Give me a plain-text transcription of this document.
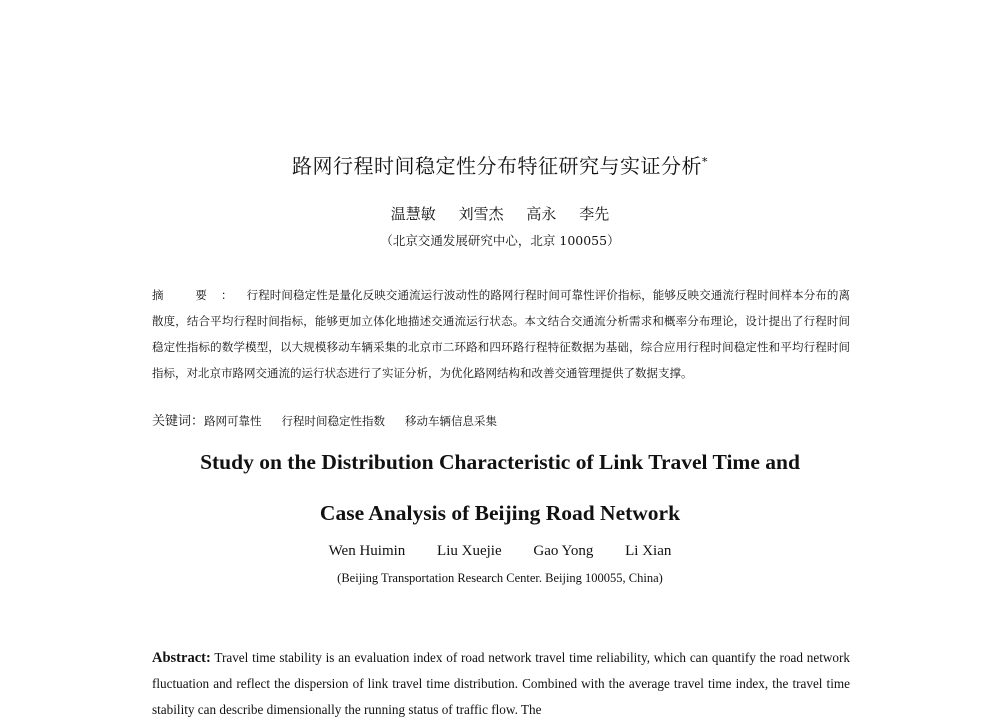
路网行程时间稳定性分布特征研究与实证分析*
温慧敏 刘雪杰 高永 李先
（北京交通发展研究中心，北京 100055）
摘 要：行程时间稳定性是量化反映交通流运行波动性的路网行程时间可靠性评价指标，能够反映交通流行程时间样本分布的离散度，结合平均行程时间指标，能够更加立体化地描述交通流运行状态。本文结合交通流分析需求和概率分布理论，设计提出了行程时间稳定性指标的数学模型，以大规模移动车辆采集的北京市二环路和四环路行程特征数据为基础，综合应用行程时间稳定性和平均行程时间指标，对北京市路网交通流的运行状态进行了实证分析，为优化路网结构和改善交通管理提供了数据支撑。
关键词：路网可靠性 行程时间稳定性指数 移动车辆信息采集
Study on the Distribution Characteristic of Link Travel Time and
Case Analysis of Beijing Road Network
Wen Huimin Liu Xuejie Gao Yong Li Xian
(Beijing Transportation Research Center. Beijing 100055, China)
Abstract: Travel time stability is an evaluation index of road network travel time reliability, which can quantify the road network fluctuation and reflect the dispersion of link travel time distribution. Combined with the average travel time index, the travel time stability can describe dimensionally the running status of traffic flow. The
